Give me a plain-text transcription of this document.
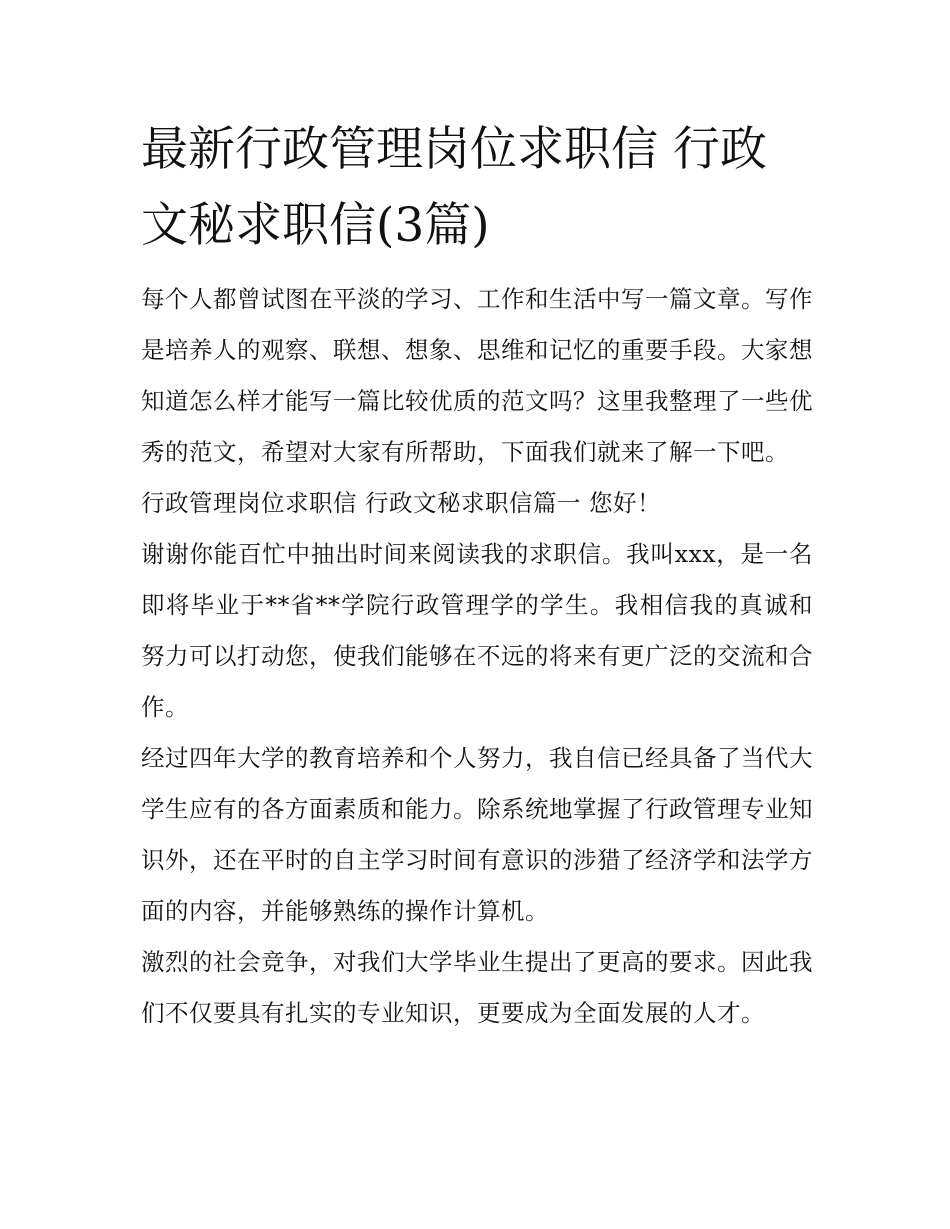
最新行政管理岗位求职信 行政文秘求职信(3篇)

每个人都曾试图在平淡的学习、工作和生活中写一篇文章。写作是培养人的观察、联想、想象、思维和记忆的重要手段。大家想知道怎么样才能写一篇比较优质的范文吗？这里我整理了一些优秀的范文，希望对大家有所帮助，下面我们就来了解一下吧。

行政管理岗位求职信 行政文秘求职信篇一 您好！

谢谢你能百忙中抽出时间来阅读我的求职信。我叫xxx，是一名即将毕业于**省**学院行政管理学的学生。我相信我的真诚和努力可以打动您，使我们能够在不远的将来有更广泛的交流和合作。

经过四年大学的教育培养和个人努力，我自信已经具备了当代大学生应有的各方面素质和能力。除系统地掌握了行政管理专业知识外，还在平时的自主学习时间有意识的涉猎了经济学和法学方面的内容，并能够熟练的操作计算机。

激烈的社会竞争，对我们大学毕业生提出了更高的要求。因此我们不仅要具有扎实的专业知识，更要成为全面发展的人才。
